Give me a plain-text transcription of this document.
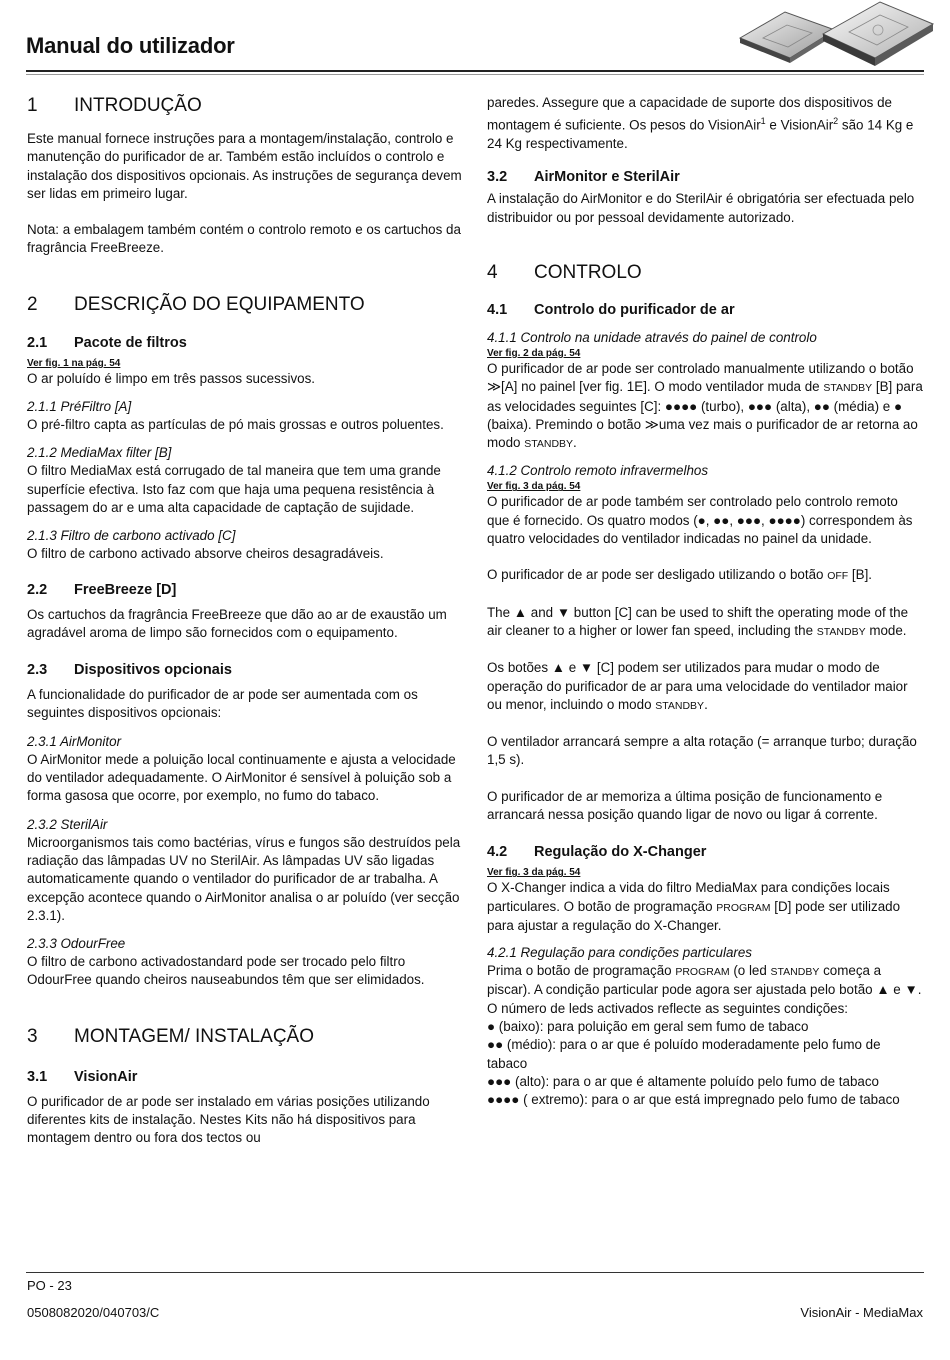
Manual do utilizador
1	INTRODUÇÃO

Este manual fornece instruções para a montagem/instalação, controlo e manutenção do purificador de ar. Também estão incluídos o controlo e instalação dos dispositivos opcionais. As instruções de segurança devem ser lidas em primeiro lugar.

Nota: a embalagem também contém o controlo remoto e os cartuchos da fragrância FreeBreeze.

2	DESCRIÇÃO DO EQUIPAMENTO
2.1	Pacote de filtros

Ver fig. 1 na pág. 54

O ar poluído é limpo em três passos sucessivos.

2.1.1 PréFiltro [A]

O pré-filtro capta as partículas de pó mais grossas e outros poluentes.

2.1.2 MediaMax filter [B]

O filtro MediaMax está corrugado de tal maneira que tem uma grande superfície efectiva. Isto faz com que haja uma pequena resistência à passagem do ar e uma alta capacidade de captação de sujidade.

2.1.3 Filtro de carbono activado [C]

O filtro de carbono activado absorve cheiros desagradáveis.

2.2	FreeBreeze [D]

Os cartuchos da fragrância FreeBreeze que dão ao ar de exaustão um agradável aroma de limpo são fornecidos com o equipamento.

2.3	Dispositivos opcionais

A funcionalidade do purificador de ar pode ser aumentada com os seguintes dispositivos opcionais:

2.3.1 AirMonitor

O AirMonitor mede a poluição local continuamente e ajusta a velocidade do ventilador adequadamente. O AirMonitor é sensível à poluição sob a forma gasosa que ocorre, por exemplo, no fumo do tabaco.

2.3.2 SterilAir

Microorganismos tais como bactérias, vírus e fungos são destruídos pela radiação das lâmpadas UV no SterilAir. As lâmpadas UV são ligadas automaticamente quando o ventilador do purificador de ar trabalha. A excepção acontece quando o AirMonitor analisa o ar poluído (ver secção 2.3.1).

2.3.3 OdourFree

O filtro de carbono activadostandard pode ser trocado pelo filtro OdourFree quando cheiros nauseabundos têm que ser elimidados.

3	MONTAGEM/ INSTALAÇÃO
3.1	VisionAir

O purificador de ar pode ser instalado em várias posições utilizando diferentes kits de instalação. Nestes Kits não há dispositivos para montagem dentro ou fora dos tectos ou

paredes. Assegure que a capacidade de suporte dos dispositivos de montagem é suficiente. Os pesos do VisionAir$^1$ e VisionAir$^2$ são 14 Kg e 24 Kg respectivamente.

3.2	AirMonitor e SterilAir

A instalação do AirMonitor e do SterilAir é obrigatória ser efectuada pelo distribuidor ou por pessoal devidamente autorizado.

4	CONTROLO
4.1	Controlo do purificador de ar

4.1.1 Controlo na unidade através do painel de controlo

Ver fig. 2 da pág. 54

O purificador de ar pode ser controlado manualmente utilizando o botão ≫[A] no painel [ver fig. 1E]. O modo ventilador muda de STANDBY [B] para as velocidades seguintes [C]: ●●●● (turbo), ●●● (alta), ●● (média) e ● (baixa). Premindo o botão ≫uma vez mais o purificador de ar retorna ao modo STANDBY.

4.1.2 Controlo remoto infravermelhos

Ver fig. 3 da pág. 54

O purificador de ar pode também ser controlado pelo controlo remoto que é fornecido. Os quatro modos (●, ●●, ●●●, ●●●●) correspondem às quatro velocidades do ventilador indicadas no painel da unidade.

O purificador de ar pode ser desligado utilizando o botão OFF [B].

The ▲ and ▼ button [C] can be used to shift the operating mode of the air cleaner to a higher or lower fan speed, including the STANDBY mode.

Os botões ▲ e ▼ [C] podem ser utilizados para mudar o modo de operação do purificador de ar para uma velocidade do ventilador maior ou menor, incluindo o modo STANDBY.

O ventilador arrancará sempre a alta rotação (= arranque turbo; duração 1,5 s).

O purificador de ar memoriza a última posição de funcionamento e arrancará nessa posição quando ligar de novo ou ligar á corrente.

4.2	Regulação do X-Changer

Ver fig. 3 da pág. 54

O X-Changer indica a vida do filtro MediaMax para condições locais particulares. O botão de programação PROGRAM [D] pode ser utilizado para ajustar a regulação do X-Changer.

4.2.1 Regulação para condições particulares

Prima o botão de programação PROGRAM (o led STANDBY começa a piscar). A condição particular pode agora ser ajustada pelo botão ▲ e ▼. O número de leds activados reflecte as seguintes condições:

● (baixo): para poluição em geral sem fumo de tabaco

●● (médio): para o ar que é poluído moderadamente pelo fumo de tabaco

●●● (alto): para o ar que é altamente poluído pelo fumo de tabaco

●●●● ( extremo): para o ar que está impregnado pelo fumo de tabaco

PO - 23
0508082020/040703/C	VisionAir - MediaMax
